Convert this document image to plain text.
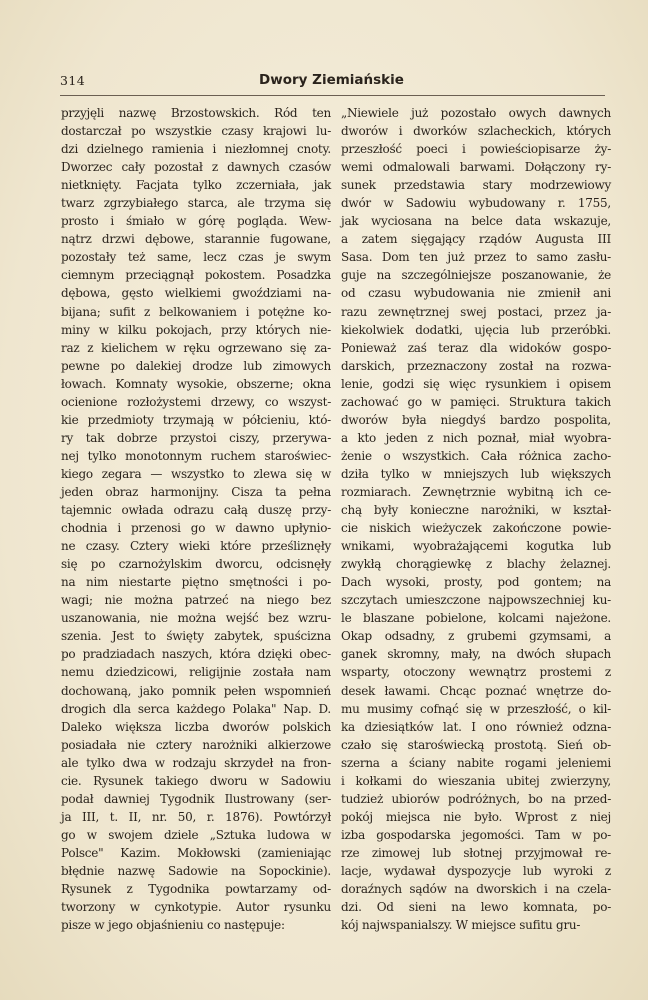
314	Dwory Ziemiańskie
przyjęli nazwę Brzostowskich. Ród ten
dostarczał po wszystkie czasy krajowi lu-
dzi dzielnego ramienia i niezłomnej cnoty.
Dworzec cały pozostał z dawnych czasów
nietknięty. Facjata tylko zczerniała, jak
twarz zgrzybiałego starca, ale trzyma się
prosto i śmiało w górę pogląda. Wew-
nątrz drzwi dębowe, starannie fugowane,
pozostały też same, lecz czas je swym
ciemnym przeciągnął pokostem. Posadzka
dębowa, gęsto wielkiemi gwoździami na-
bijana; sufit z belkowaniem i potężne ko-
miny w kilku pokojach, przy których nie-
raz z kielichem w ręku ogrzewano się za-
pewne po dalekiej drodze lub zimowych
łowach. Komnaty wysokie, obszerne; okna
ocienione rozłożystemi drzewy, co wszyst-
kie przedmioty trzymają w półcieniu, któ-
ry tak dobrze przystoi ciszy, przerywa-
nej tylko monotonnym ruchem staroświec-
kiego zegara — wszystko to zlewa się w
jeden obraz harmonijny. Cisza ta pełna
tajemnic owłada odrazu całą duszę przy-
chodnia i przenosi go w dawno upłynio-
ne czasy. Cztery wieki które prześliznęły
się po czarnożylskim dworcu, odcisnęły
na nim niestarte piętno smętności i po-
wagi; nie można patrzeć na niego bez
uszanowania, nie można wejść bez wzru-
szenia. Jest to święty zabytek, spuścizna
po pradziadach naszych, która dzięki obec-
nemu dziedzicowi, religijnie została nam
dochowaną, jako pomnik pełen wspomnień
drogich dla serca każdego Polaka" Nap. D.
Daleko większa liczba dworów polskich
posiadała nie cztery narożniki alkierzowe
ale tylko dwa w rodzaju skrzydeł na fron-
cie. Rysunek takiego dworu w Sadowiu
podał dawniej Tygodnik Ilustrowany (ser-
ja III, t. II, nr. 50, r. 1876). Powtórzył
go w swojem dziele „Sztuka ludowa w
Polsce" Kazim. Mokłowski (zamieniając
błędnie nazwę Sadowie na Sopockinie).
Rysunek z Tygodnika powtarzamy od-
tworzony w cynkotypie. Autor rysunku
pisze w jego objaśnieniu co następuje:
„Niewiele już pozostało owych dawnych
dworów i dworków szlacheckich, których
przeszłość poeci i powieściopisarze ży-
wemi odmalowali barwami. Dołączony ry-
sunek przedstawia stary modrzewiowy
dwór w Sadowiu wybudowany r. 1755,
jak wyciosana na belce data wskazuje,
a zatem sięgający rządów Augusta III
Sasa. Dom ten już przez to samo zasłu-
guje na szczególniejsze poszanowanie, że
od czasu wybudowania nie zmienił ani
razu zewnętrznej swej postaci, przez ja-
kiekolwiek dodatki, ujęcia lub przeróbki.
Ponieważ zaś teraz dla widoków gospo-
darskich, przeznaczony został na rozwa-
lenie, godzi się więc rysunkiem i opisem
zachować go w pamięci. Struktura takich
dworów była niegdyś bardzo pospolita,
a kto jeden z nich poznał, miał wyobra-
żenie o wszystkich. Cała różnica zacho-
dziła tylko w mniejszych lub większych
rozmiarach. Zewnętrznie wybitną ich ce-
chą były konieczne narożniki, w kształ-
cie niskich wieżyczek zakończone powie-
wnikami, wyobrażającemi kogutka lub
zwykłą chorągiewkę z blachy żelaznej.
Dach wysoki, prosty, pod gontem; na
szczytach umieszczone najpowszechniej ku-
le blaszane pobielone, kolcami najeżone.
Okap odsadny, z grubemi gzymsami, a
ganek skromny, mały, na dwóch słupach
wsparty, otoczony wewnątrz prostemi z
desek ławami. Chcąc poznać wnętrze do-
mu musimy cofnąć się w przeszłość, o kil-
ka dziesiątków lat. I ono również odzna-
czało się staroświecką prostotą. Sień ob-
szerna a ściany nabite rogami jeleniemi
i kołkami do wieszania ubitej zwierzyny,
tudzież ubiorów podróżnych, bo na przed-
pokój miejsca nie było. Wprost z niej
izba gospodarska jegomości. Tam w po-
rze zimowej lub słotnej przyjmował re-
lacje, wydawał dyspozycje lub wyroki z
doraźnych sądów na dworskich i na czela-
dzi. Od sieni na lewo komnata, po-
kój najwspanialszy. W miejsce sufitu gru-
